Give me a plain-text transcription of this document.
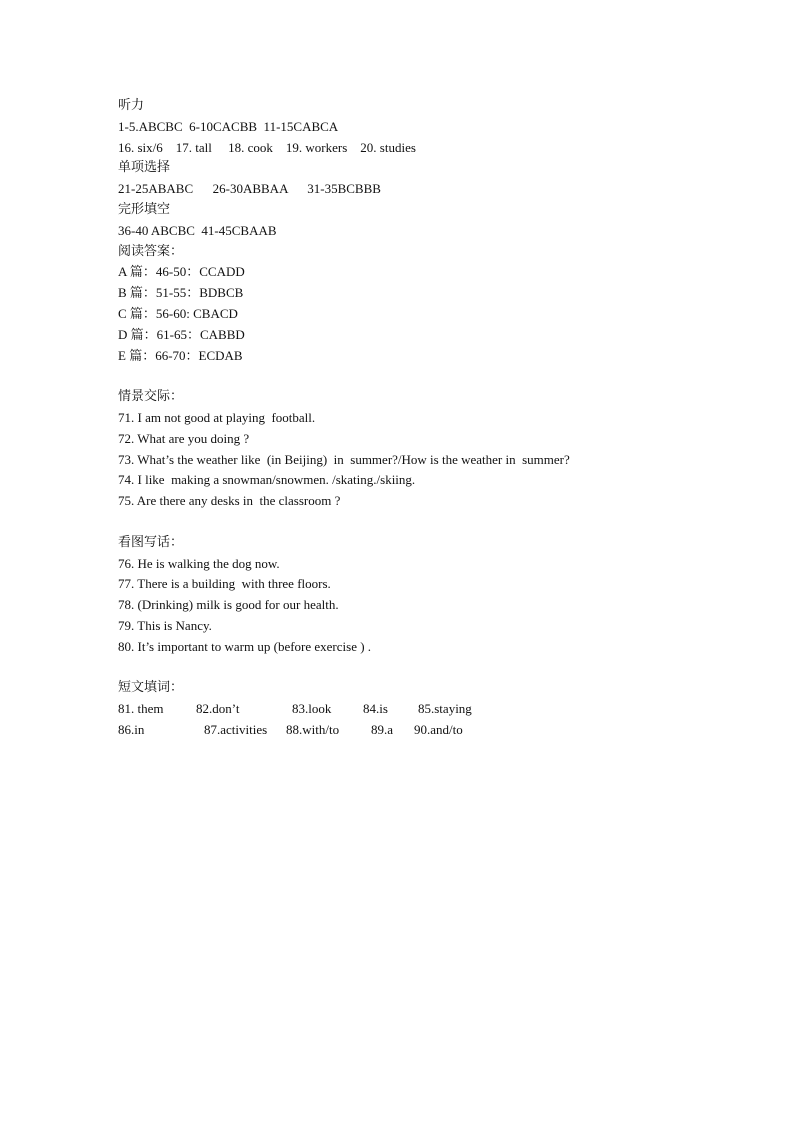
听力
1-5.ABCBC  6-10CACBB  11-15CABCA
16. six/6    17. tall     18. cook    19. workers    20. studies
单项选择
21-25ABABC      26-30ABBAA      31-35BCBBB
完形填空
36-40 ABCBC  41-45CBAAB
阅读答案：
A 篇：46-50：CCADD
B 篇：51-55：BDBCB
C 篇：56-60: CBACD
D 篇：61-65：CABBD
E 篇：66-70：ECDAB
情景交际：
71. I am not good at playing  football.
72. What are you doing ?
73. What’s the weather like  (in Beijing)  in  summer?/How is the weather in  summer?
74. I like  making a snowman/snowmen. /skating./skiing.
75. Are there any desks in  the classroom ?
看图写话：
76. He is walking the dog now.
77. There is a building  with three floors.
78. (Drinking) milk is good for our health.
79. This is Nancy.
80. It’s important to warm up (before exercise ) .
短文填词：
81. them	82.don’t	83.look	84.is	85.staying
86.in	87.activities	88.with/to	89.a	90.and/to
